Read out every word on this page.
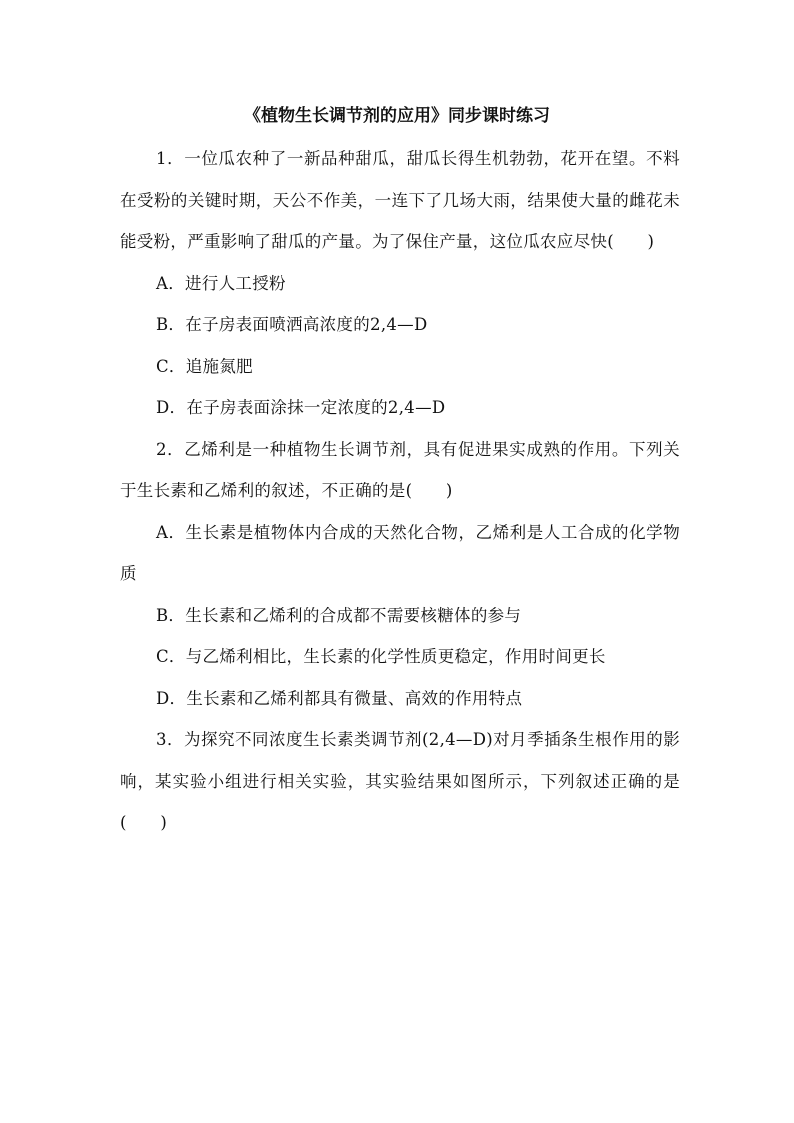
《植物生长调节剂的应用》同步课时练习

1．一位瓜农种了一新品种甜瓜，甜瓜长得生机勃勃，花开在望。不料在受粉的关键时期，天公不作美，一连下了几场大雨，结果使大量的雌花未能受粉，严重影响了甜瓜的产量。为了保住产量，这位瓜农应尽快(　　)

A．进行人工授粉

B．在子房表面喷洒高浓度的2,4—D

C．追施氮肥

D．在子房表面涂抹一定浓度的2,4—D

2．乙烯利是一种植物生长调节剂，具有促进果实成熟的作用。下列关于生长素和乙烯利的叙述，不正确的是(　　)

A．生长素是植物体内合成的天然化合物，乙烯利是人工合成的化学物质

B．生长素和乙烯利的合成都不需要核糖体的参与

C．与乙烯利相比，生长素的化学性质更稳定，作用时间更长

D．生长素和乙烯利都具有微量、高效的作用特点

3．为探究不同浓度生长素类调节剂(2,4—D)对月季插条生根作用的影响，某实验小组进行相关实验，其实验结果如图所示，下列叙述正确的是(　　)
